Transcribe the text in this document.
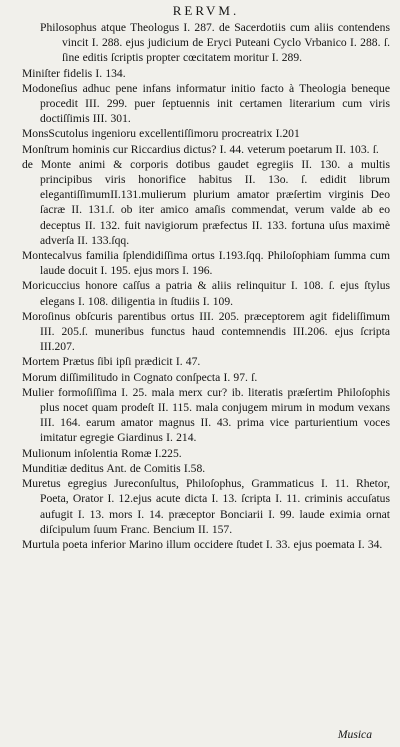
RERVM.

Philosophus atque Theologus I. 287. de Sacerdotiis cum aliis contendens vincit I. 288. ejus judicium de Eryci Puteani Cyclo Vrbanico I. 288. ſ. ſine editis ſcriptis propter cœcitatem moritur I. 289.

Miniſter fidelis I. 134.

Modoneſius adhuc pene infans informatur initio facto à Theologia beneque procedit III. 299. puer ſeptuennis init certamen literarium cum viris doctiſſimis III. 301.

MonsScutolus ingenioru excellentiſſimoru procreatrix I.201

Monſtrum hominis cur Riccardius dictus? I. 44. veterum poetarum II. 103. ſ.

de Monte animi & corporis dotibus gaudet egregiis II. 130. a multis principibus viris honorifice habitus II. 13o. ſ. edidit librum elegantiſſimumII.131.mulierum plurium amator præſertim virginis Deo ſacræ II. 131.ſ. ob iter amico amaſis commendat, verum valde ab eo deceptus II. 132. fuit navigiorum præfectus II. 133. fortuna uſus maximè adverſa II. 133.ſqq.

Montecalvus familia ſplendidiſſima ortus I.193.ſqq. Philoſophiam ſumma cum laude docuit I. 195. ejus mors I. 196.

Moricuccius honore caſſus a patria & aliis relinquitur I. 108. ſ. ejus ſtylus elegans I. 108. diligentia in ſtudiis I. 109.

Moroſinus obſcuris parentibus ortus III. 205. præceptorem agit fideliſſimum III. 205.ſ. muneribus functus haud contemnendis III.206. ejus ſcripta III.207.

Mortem Prætus ſibi ipſi prædicit I. 47.

Morum diſſimilitudo in Cognato conſpecta I. 97. ſ.

Mulier formoſiſſima I. 25. mala merx cur? ib. literatis præſertim Philoſophis plus nocet quam prodeſt II. 115. mala conjugem mirum in modum vexans III. 164. earum amator magnus II. 43. prima vice parturientium voces imitatur egregie Giardinus I. 214.

Mulionum inſolentia Romæ I.225.

Munditiæ deditus Ant. de Comitis I.58.

Muretus egregius Jureconſultus, Philoſophus, Grammaticus I. 11. Rhetor, Poeta, Orator I. 12.ejus acute dicta I. 13. ſcripta I. 11. criminis accuſatus aufugit I. 13. mors I. 14. præceptor Bonciarii I. 99. laude eximia ornat diſcipulum ſuum Franc. Bencium II. 157.

Murtula poeta inferior Marino illum occidere ſtudet I. 33. ejus poemata I. 34.

Musica
